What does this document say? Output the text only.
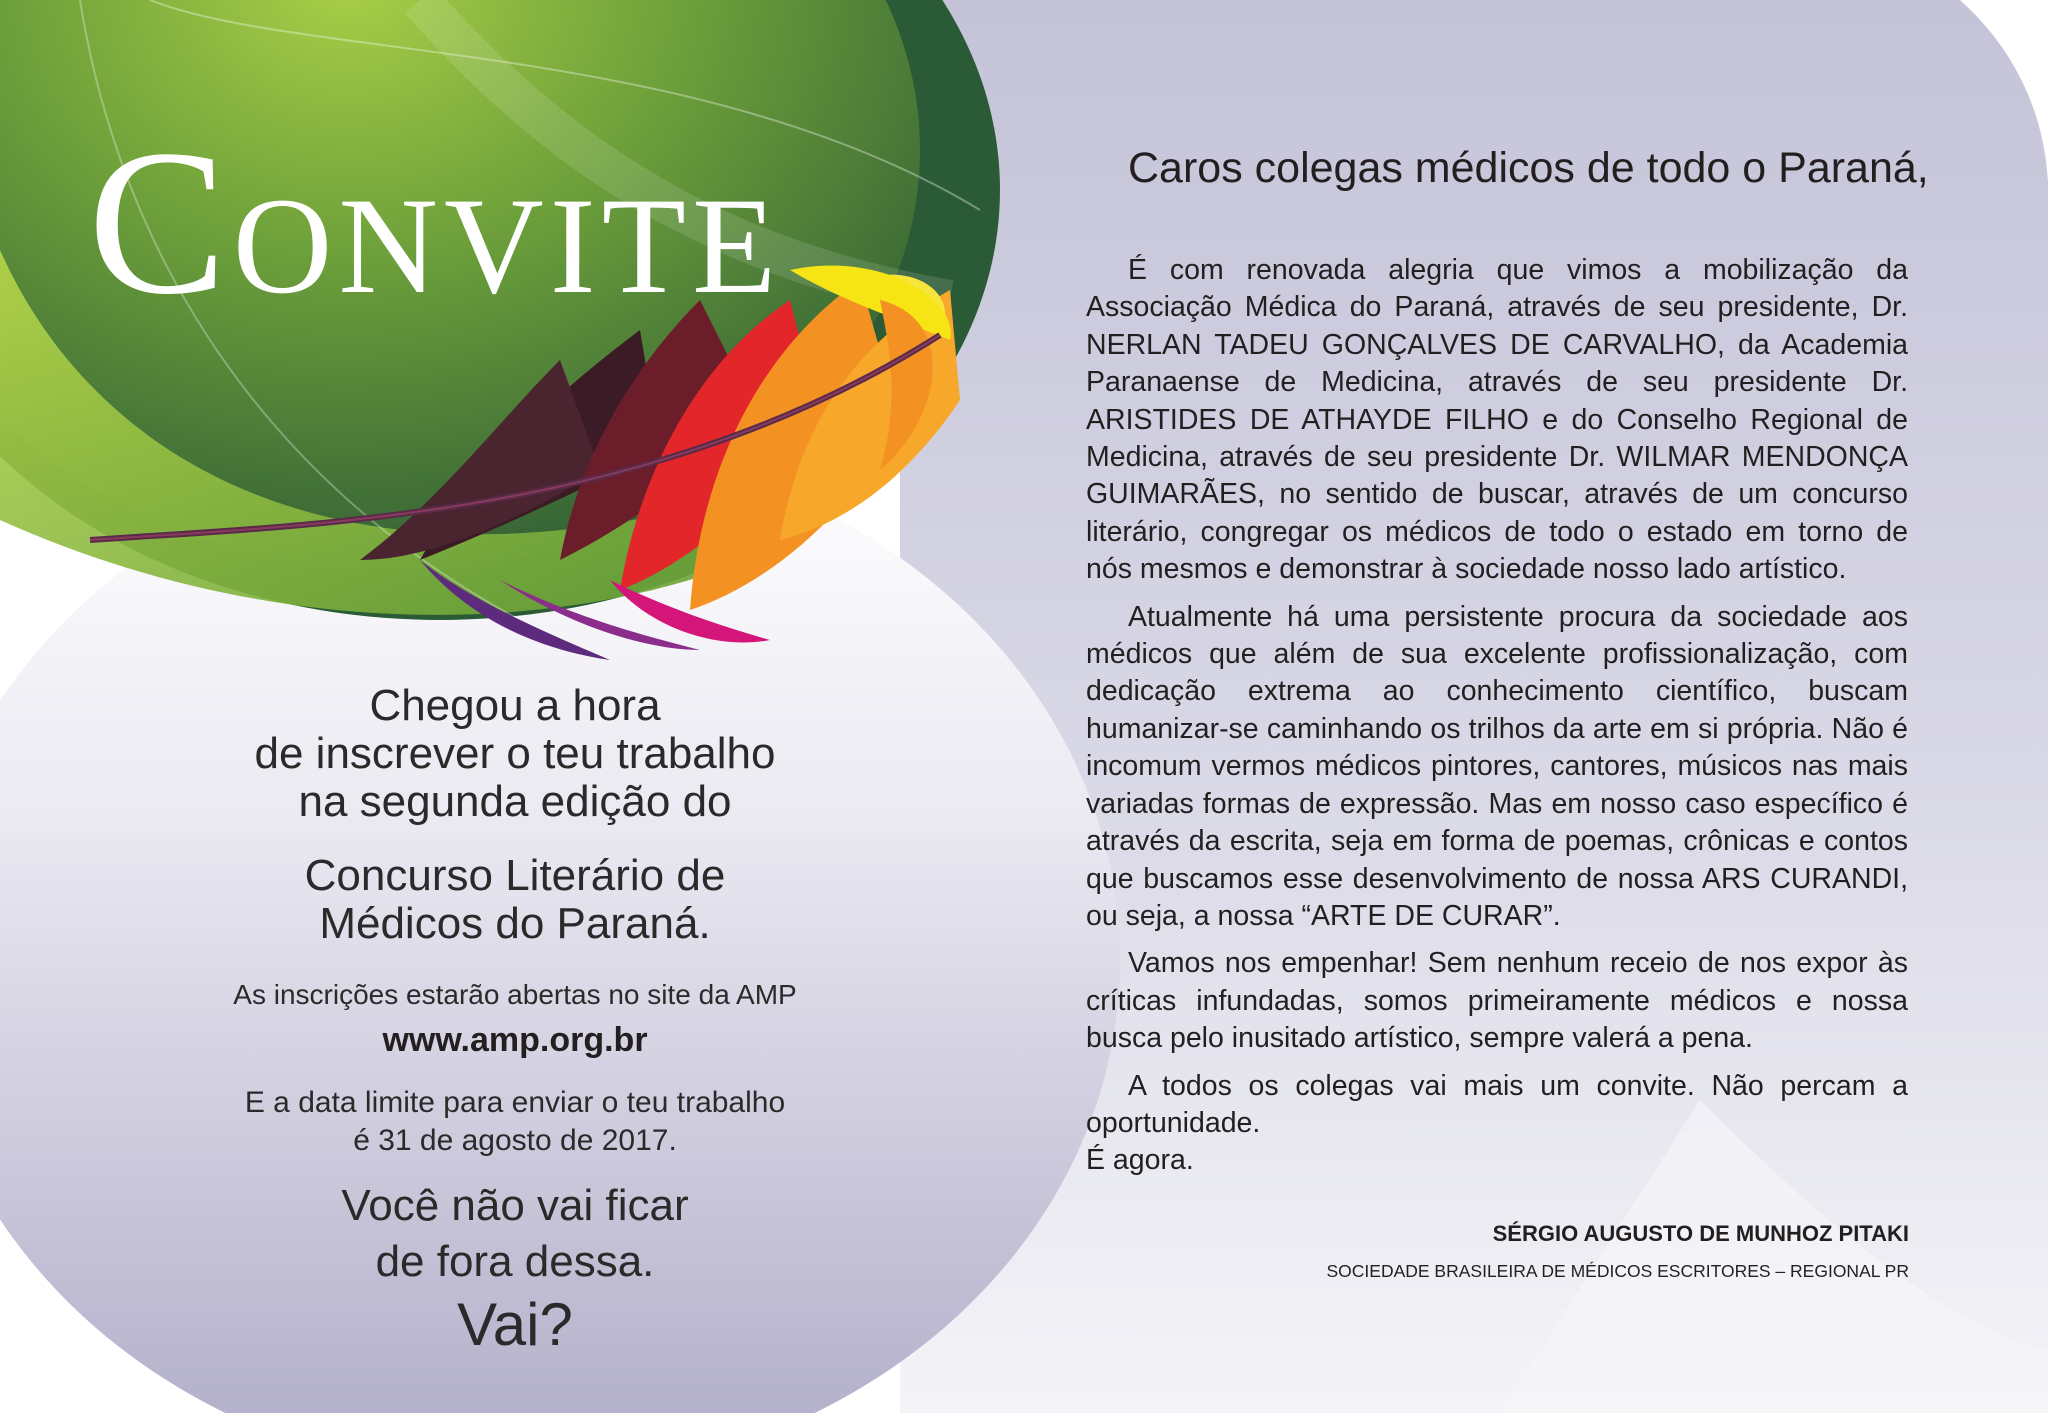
CONVITE
Chegou a hora
de inscrever o teu trabalho
na segunda edição do
Concurso Literário de
Médicos do Paraná.
As inscrições estarão abertas no site da AMP
www.amp.org.br
E a data limite para enviar o teu trabalho
é 31 de agosto de 2017.
Você não vai ficar
de fora dessa.
Vai?
Caros colegas médicos de todo o Paraná,

É com renovada alegria que vimos a mobilização da Associação Médica do Paraná, através de seu presidente, Dr. NERLAN TADEU GONÇALVES DE CARVALHO, da Academia Paranaense de Medicina, através de seu presidente Dr. ARISTIDES DE ATHAYDE FILHO e do Conselho Regional de Medicina, através de seu presidente Dr. WILMAR MENDONÇA GUIMARÃES, no sentido de buscar, através de um concurso literário, congregar os médicos de todo o estado em torno de nós mesmos e demonstrar à sociedade nosso lado artístico.

Atualmente há uma persistente procura da sociedade aos médicos que além de sua excelente profissionalização, com dedicação extrema ao conhecimento científico, buscam humanizar-se caminhando os trilhos da arte em si própria. Não é incomum vermos médicos pintores, cantores, músicos nas mais variadas formas de expressão. Mas em nosso caso específico é através da escrita, seja em forma de poemas, crônicas e contos que buscamos esse desenvolvimento de nossa ARS CURANDI, ou seja, a nossa “ARTE DE CURAR”.

Vamos nos empenhar! Sem nenhum receio de nos expor às críticas infundadas, somos primeiramente médicos e nossa busca pelo inusitado artístico, sempre valerá a pena.

A todos os colegas vai mais um convite. Não percam a oportunidade.

É agora.

SÉRGIO AUGUSTO DE MUNHOZ PITAKI
SOCIEDADE BRASILEIRA DE MÉDICOS ESCRITORES – REGIONAL PR
